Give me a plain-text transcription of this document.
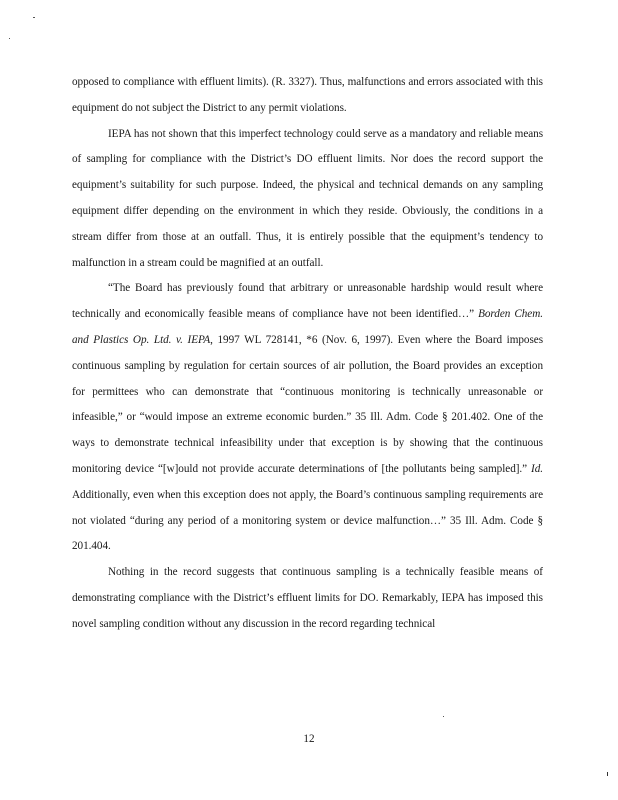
opposed to compliance with effluent limits). (R. 3327). Thus, malfunctions and errors associated with this equipment do not subject the District to any permit violations.

IEPA has not shown that this imperfect technology could serve as a mandatory and reliable means of sampling for compliance with the District’s DO effluent limits. Nor does the record support the equipment’s suitability for such purpose. Indeed, the physical and technical demands on any sampling equipment differ depending on the environment in which they reside. Obviously, the conditions in a stream differ from those at an outfall. Thus, it is entirely possible that the equipment’s tendency to malfunction in a stream could be magnified at an outfall.

“The Board has previously found that arbitrary or unreasonable hardship would result where technically and economically feasible means of compliance have not been identified…” Borden Chem. and Plastics Op. Ltd. v. IEPA, 1997 WL 728141, *6 (Nov. 6, 1997). Even where the Board imposes continuous sampling by regulation for certain sources of air pollution, the Board provides an exception for permittees who can demonstrate that “continuous monitoring is technically unreasonable or infeasible,” or “would impose an extreme economic burden.” 35 Ill. Adm. Code § 201.402. One of the ways to demonstrate technical infeasibility under that exception is by showing that the continuous monitoring device “[w]ould not provide accurate determinations of [the pollutants being sampled].” Id. Additionally, even when this exception does not apply, the Board’s continuous sampling requirements are not violated “during any period of a monitoring system or device malfunction…” 35 Ill. Adm. Code § 201.404.

Nothing in the record suggests that continuous sampling is a technically feasible means of demonstrating compliance with the District’s effluent limits for DO. Remarkably, IEPA has imposed this novel sampling condition without any discussion in the record regarding technical

12
